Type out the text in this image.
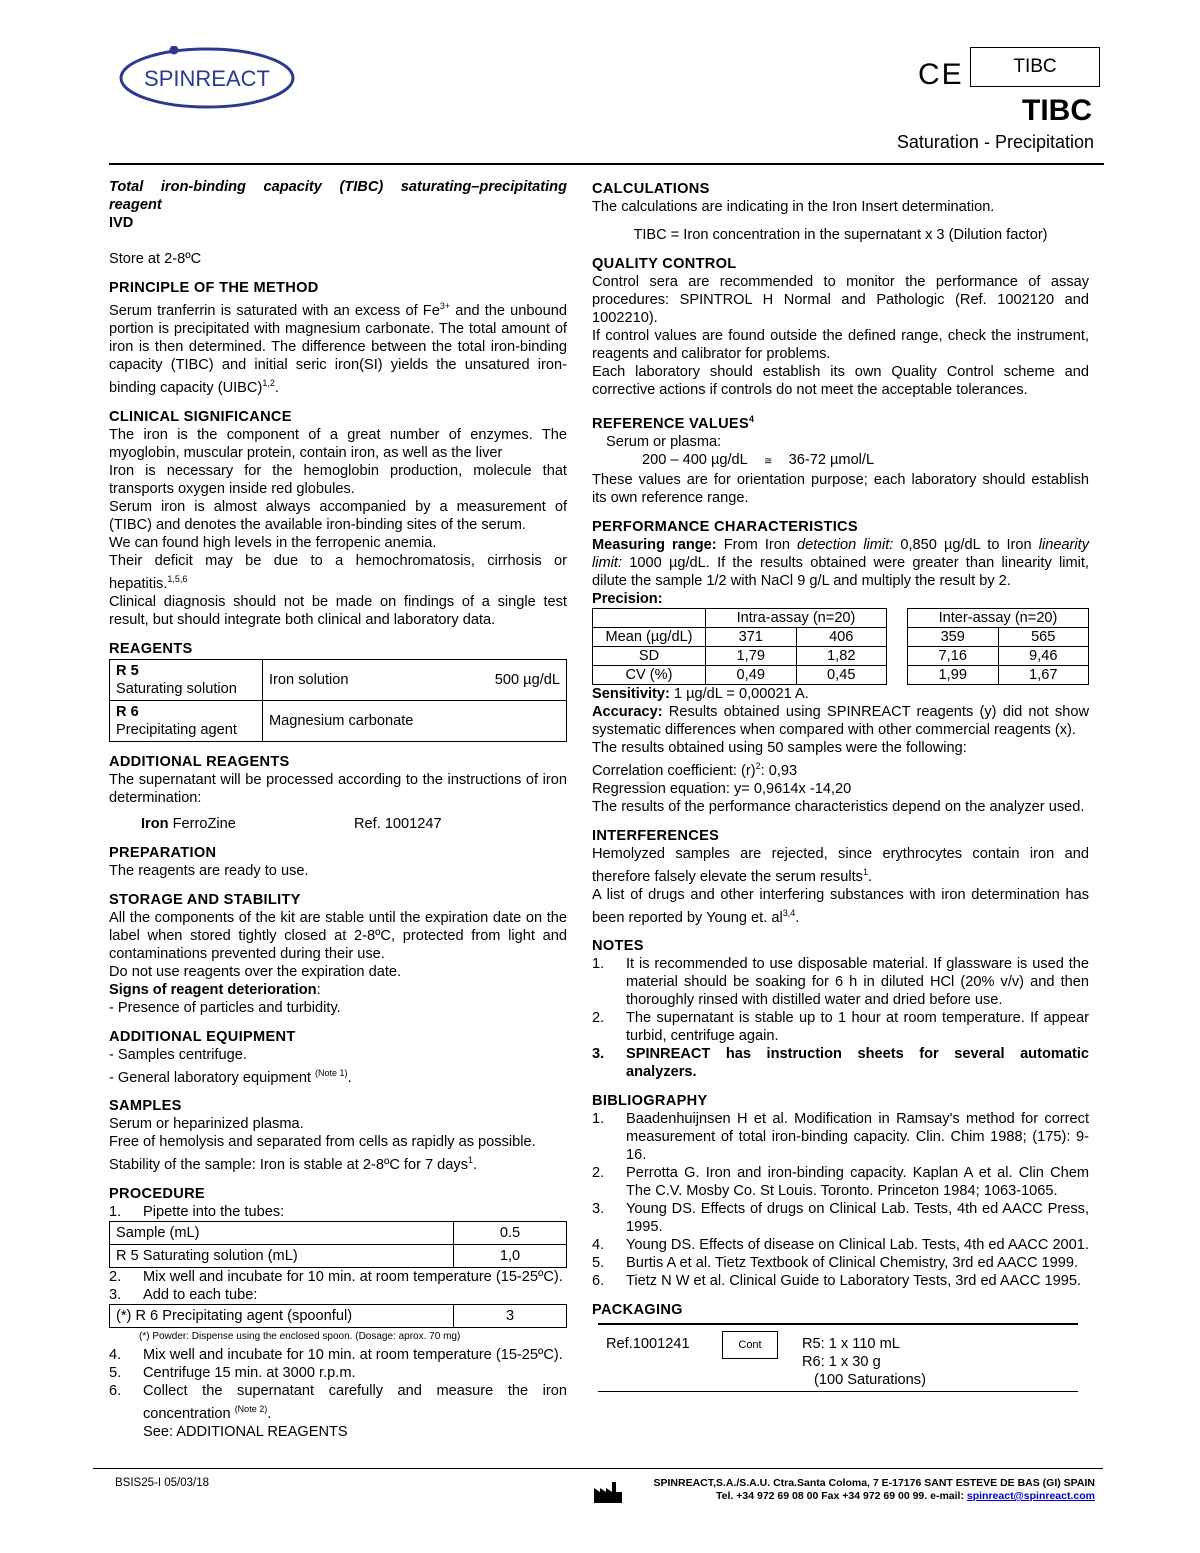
SPINREACT	CE	TIBC
TIBC
Saturation - Precipitation

Total iron-binding capacity (TIBC) saturating–precipitating reagent

IVD

Store at 2-8ºC

PRINCIPLE OF THE METHOD

Serum tranferrin is saturated with an excess of $Fe^{3+}$ and the unbound portion is precipitated with magnesium carbonate. The total amount of iron is then determined. The difference between the total iron-binding capacity (TIBC) and initial seric iron(SI) yields the unsatured iron-binding capacity (UIBC)$^{1,2}$.

CLINICAL SIGNIFICANCE

The iron is the component of a great number of enzymes. The myoglobin, muscular protein, contain iron, as well as the liver

Iron is necessary for the hemoglobin production, molecule that transports oxygen inside red globules.

Serum iron is almost always accompanied by a measurement of (TIBC) and denotes the available iron-binding sites of the serum.

We can found high levels in the ferropenic anemia.

Their deficit may be due to a hemochromatosis, cirrhosis or hepatitis.$^{1,5,6}$

Clinical diagnosis should not be made on findings of a single test result, but should integrate both clinical and laboratory data.

REAGENTS
R 5
Saturating solution	Iron solution	500 µg/dL

R 6
Precipitating agent	Magnesium carbonate	
ADDITIONAL REAGENTS

The supernatant will be processed according to the instructions of iron determination:

Iron FerroZine	Ref. 1001247

PREPARATION

The reagents are ready to use.

STORAGE AND STABILITY

All the components of the kit are stable until the expiration date on the label when stored tightly closed at 2-8ºC, protected from light and contaminations prevented during their use.

Do not use reagents over the expiration date.

Signs of reagent deterioration:

- Presence of particles and turbidity.

ADDITIONAL EQUIPMENT

- Samples centrifuge.

- General laboratory equipment $^{(Note 1)}$.

SAMPLES

Serum or heparinized plasma.

Free of hemolysis and separated from cells as rapidly as possible.

Stability of the sample: Iron is stable at 2-8ºC for 7 days$^1$.

PROCEDURE
1. Pipette into the tubes:
Sample (mL)	0.5
R 5 Saturating solution (mL)	1,0
2. Mix well and incubate for 10 min. at room temperature (15-25ºC).
3. Add to each tube:
(*) R 6 Precipitating agent (spoonful)	3
(*) Powder: Dispense using the enclosed spoon. (Dosage: aprox. 70 mg)
4. Mix well and incubate for 10 min. at room temperature (15-25ºC).
5. Centrifuge 15 min. at 3000 r.p.m.
6. Collect the supernatant carefully and measure the iron concentration $^{(Note 2)}$.
See: ADDITIONAL REAGENTS
CALCULATIONS

The calculations are indicating in the Iron Insert determination.

TIBC = Iron concentration in the supernatant x 3 (Dilution factor)

QUALITY CONTROL

Control sera are recommended to monitor the performance of assay procedures: SPINTROL H Normal and Pathologic (Ref. 1002120 and 1002210).

If control values are found outside the defined range, check the instrument, reagents and calibrator for problems.

Each laboratory should establish its own Quality Control scheme and corrective actions if controls do not meet the acceptable tolerances.

REFERENCE VALUES$^4$

Serum or plasma:

200 – 400 µg/dL ≅ 36-72 µmol/L

These values are for orientation purpose; each laboratory should establish its own reference range.

PERFORMANCE CHARACTERISTICS

Measuring range: From Iron detection limit: 0,850 µg/dL to Iron linearity limit: 1000 µg/dL. If the results obtained were greater than linearity limit, dilute the sample 1/2 with NaCl 9 g/L and multiply the result by 2.

Precision:

	Intra-assay (n=20)			Inter-assay (n=20)	
Mean (µg/dL)	371	406		359	565
SD	1,79	1,82		7,16	9,46
CV (%)	0,49	0,45		1,99	1,67

Sensitivity: 1 µg/dL = 0,00021 A.

Accuracy: Results obtained using SPINREACT reagents (y) did not show systematic differences when compared with other commercial reagents (x).

The results obtained using 50 samples were the following:

Correlation coefficient: $(r)^2$: 0,93

Regression equation: y= 0,9614x -14,20

The results of the performance characteristics depend on the analyzer used.

INTERFERENCES

Hemolyzed samples are rejected, since erythrocytes contain iron and therefore falsely elevate the serum results$^1$.

A list of drugs and other interfering substances with iron determination has been reported by Young et. al$^{3,4}$.

NOTES
1. It is recommended to use disposable material. If glassware is used the material should be soaking for 6 h in diluted HCl (20% v/v) and then thoroughly rinsed with distilled water and dried before use.
2. The supernatant is stable up to 1 hour at room temperature. If appear turbid, centrifuge again.
3. SPINREACT has instruction sheets for several automatic analyzers.
BIBLIOGRAPHY
1. Baadenhuijnsen H et al. Modification in Ramsay's method for correct measurement of total iron-binding capacity. Clin. Chim 1988; (175): 9-16.
2. Perrotta G. Iron and iron-binding capacity. Kaplan A et al. Clin Chem The C.V. Mosby Co. St Louis. Toronto. Princeton 1984; 1063-1065.
3. Young DS. Effects of drugs on Clinical Lab. Tests, 4th ed AACC Press, 1995.
4. Young DS. Effects of disease on Clinical Lab. Tests, 4th ed AACC 2001.
5. Burtis A et al. Tietz Textbook of Clinical Chemistry, 3rd ed AACC 1999.
6. Tietz N W et al. Clinical Guide to Laboratory Tests, 3rd ed AACC 1995.
PACKAGING
Ref.1001241	Cont	R5: 1 x 110 mL
R6: 1 x 30 g
(100 Saturations)
BSIS25-I 05/03/18	SPINREACT,S.A./S.A.U. Ctra.Santa Coloma, 7 E-17176 SANT ESTEVE DE BAS (GI) SPAIN
Tel. +34 972 69 08 00 Fax +34 972 69 00 99. e-mail: spinreact@spinreact.com
